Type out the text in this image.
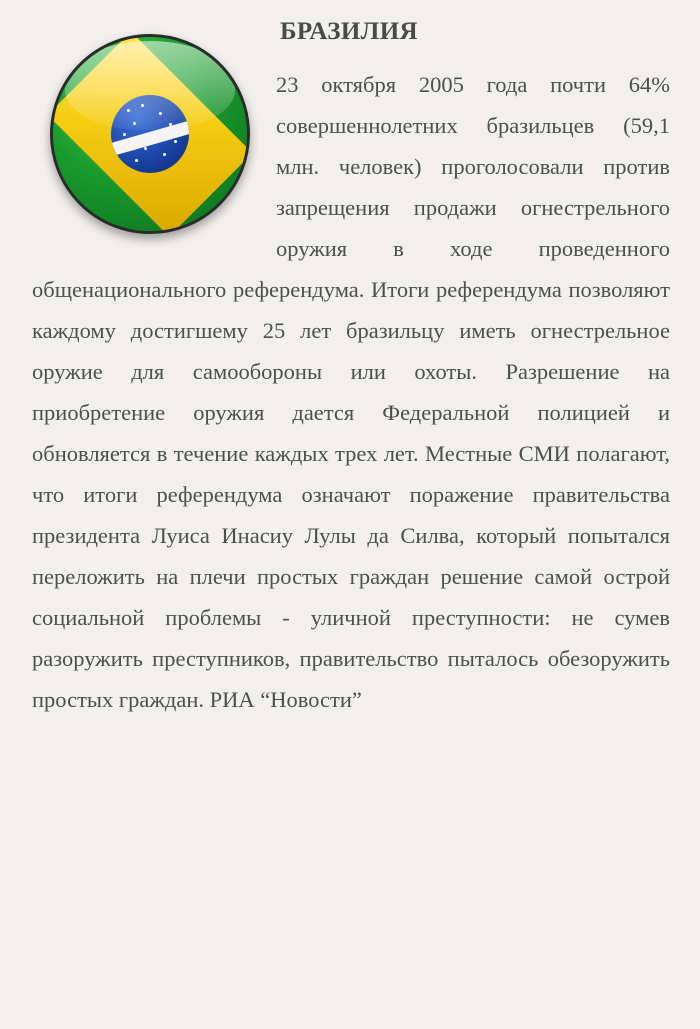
БРАЗИЛИЯ
23 октября 2005 года почти 64% совершеннолетних бразильцев (59,1 млн. человек) проголосовали против запрещения продажи огнестрельного оружия в ходе проведенного общенационального референдума. Итоги референдума позволяют каждому достигшему 25 лет бразильцу иметь огнестрельное оружие для самообороны или охоты. Разрешение на приобретение оружия дается Федеральной полицией и обновляется в течение каждых трех лет. Местные СМИ полагают, что итоги референдума означают поражение правительства президента Луиса Инасиу Лулы да Силва, который попытался переложить на плечи простых граждан решение самой острой социальной проблемы - уличной преступности: не сумев разоружить преступников, правительство пыталось обезоружить простых граждан. РИА “Новости”
